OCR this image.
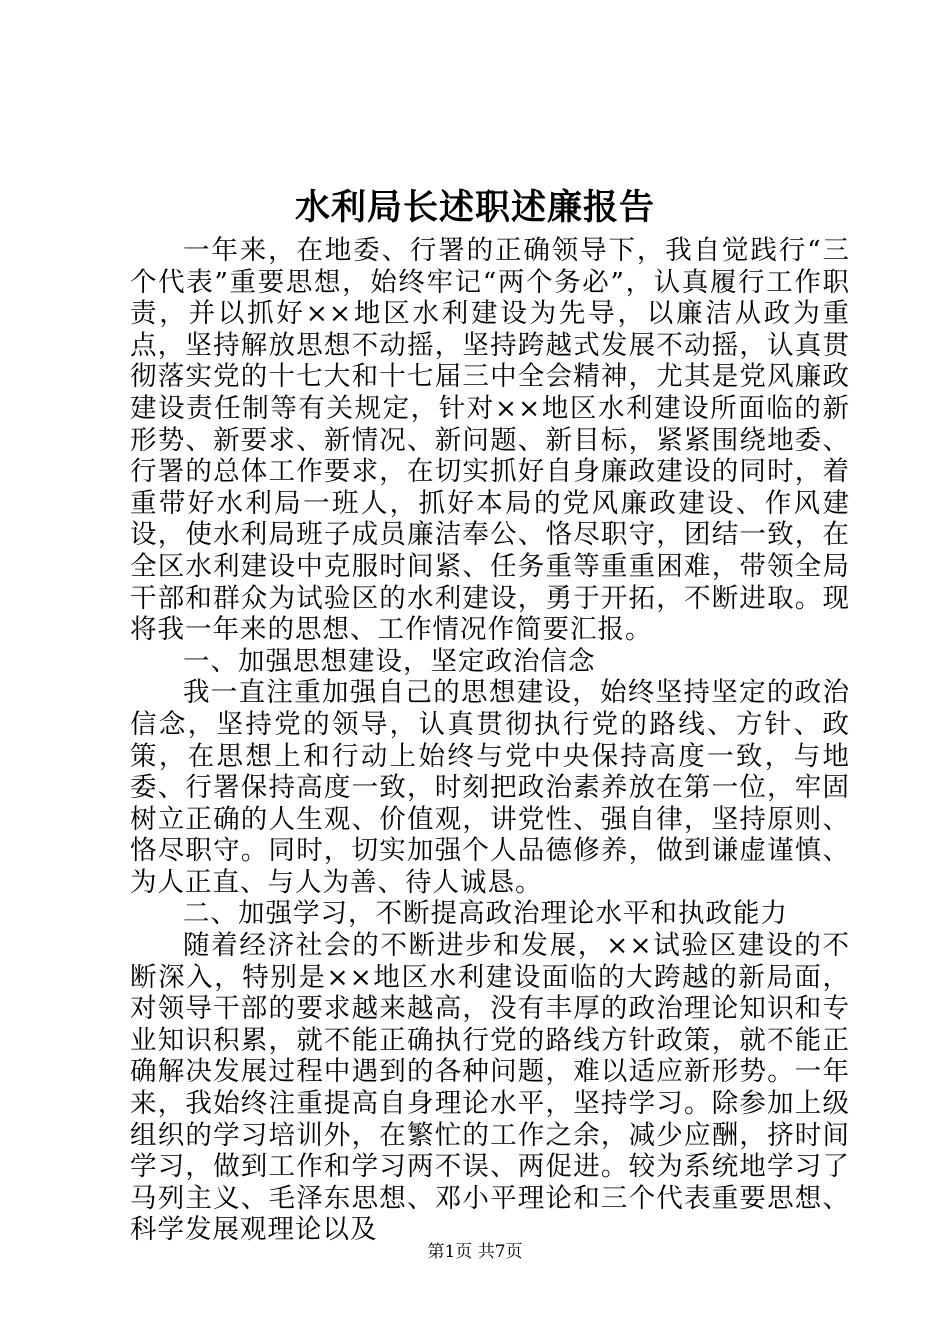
水利局长述职述廉报告

一年来，在地委、行署的正确领导下，我自觉践行“三个代表”重要思想，始终牢记“两个务必”，认真履行工作职责，并以抓好××地区水利建设为先导，以廉洁从政为重点，坚持解放思想不动摇，坚持跨越式发展不动摇，认真贯彻落实党的十七大和十七届三中全会精神，尤其是党风廉政建设责任制等有关规定，针对××地区水利建设所面临的新形势、新要求、新情况、新问题、新目标，紧紧围绕地委、行署的总体工作要求，在切实抓好自身廉政建设的同时，着重带好水利局一班人，抓好本局的党风廉政建设、作风建设，使水利局班子成员廉洁奉公、恪尽职守，团结一致，在全区水利建设中克服时间紧、任务重等重重困难，带领全局干部和群众为试验区的水利建设，勇于开拓，不断进取。现将我一年来的思想、工作情况作简要汇报。

一、加强思想建设，坚定政治信念

我一直注重加强自己的思想建设，始终坚持坚定的政治信念，坚持党的领导，认真贯彻执行党的路线、方针、政策，在思想上和行动上始终与党中央保持高度一致，与地委、行署保持高度一致，时刻把政治素养放在第一位，牢固树立正确的人生观、价值观，讲党性、强自律，坚持原则、恪尽职守。同时，切实加强个人品德修养，做到谦虚谨慎、为人正直、与人为善、待人诚恳。

二、加强学习，不断提高政治理论水平和执政能力

随着经济社会的不断进步和发展，××试验区建设的不断深入，特别是××地区水利建设面临的大跨越的新局面，对领导干部的要求越来越高，没有丰厚的政治理论知识和专业知识积累，就不能正确执行党的路线方针政策，就不能正确解决发展过程中遇到的各种问题，难以适应新形势。一年来，我始终注重提高自身理论水平，坚持学习。除参加上级组织的学习培训外，在繁忙的工作之余，减少应酬，挤时间学习，做到工作和学习两不误、两促进。较为系统地学习了马列主义、毛泽东思想、邓小平理论和三个代表重要思想、科学发展观理论以及

第1页 共7页
